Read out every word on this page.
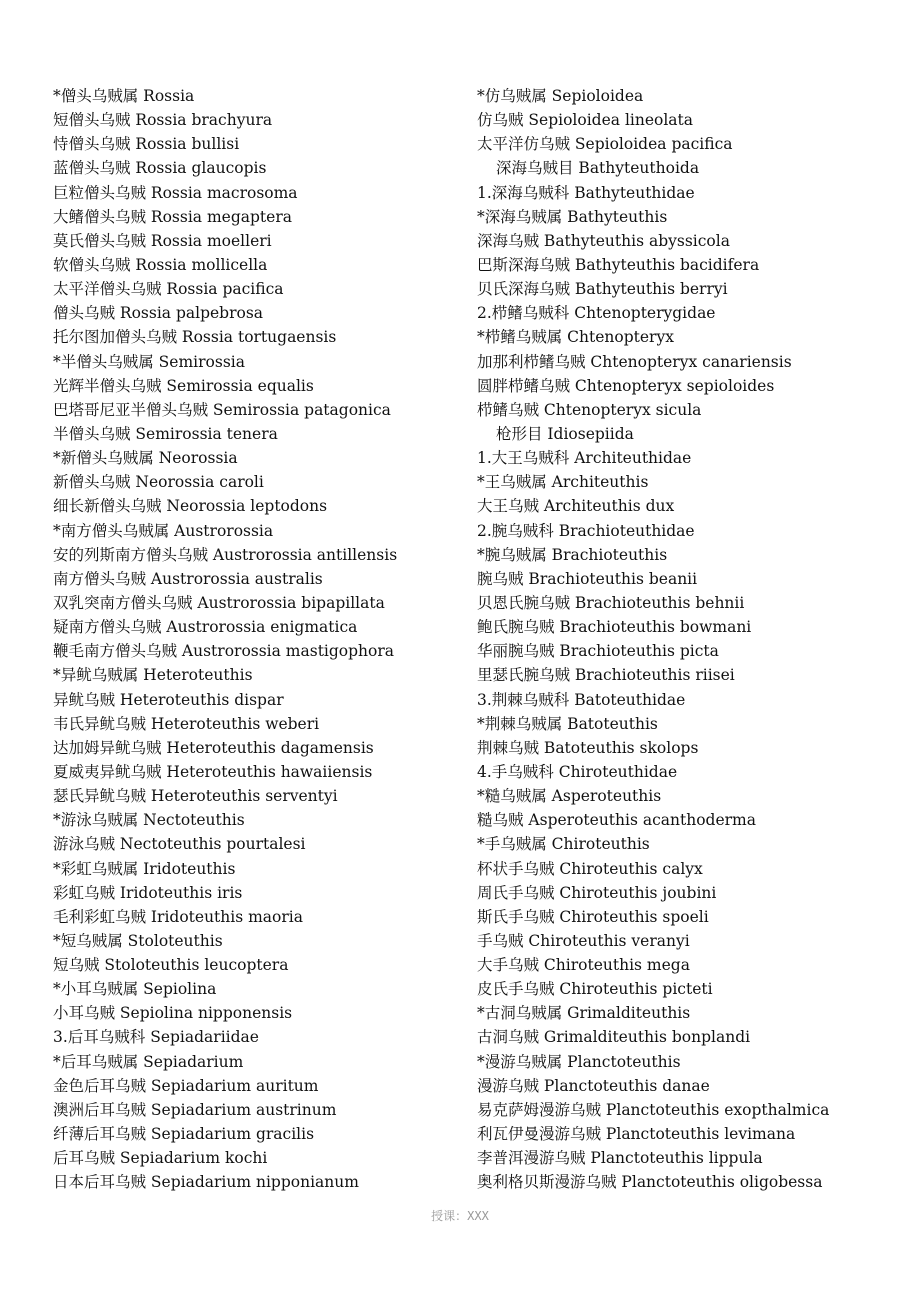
*僧头乌贼属 Rossia
短僧头乌贼 Rossia brachyura
恃僧头乌贼 Rossia bullisi
蓝僧头乌贼 Rossia glaucopis
巨粒僧头乌贼 Rossia macrosoma
大鳍僧头乌贼 Rossia megaptera
莫氏僧头乌贼 Rossia moelleri
软僧头乌贼 Rossia mollicella
太平洋僧头乌贼 Rossia pacifica
僧头乌贼 Rossia palpebrosa
托尔图加僧头乌贼 Rossia tortugaensis
*半僧头乌贼属 Semirossia
光辉半僧头乌贼 Semirossia equalis
巴塔哥尼亚半僧头乌贼 Semirossia patagonica
半僧头乌贼 Semirossia tenera
*新僧头乌贼属 Neorossia
新僧头乌贼 Neorossia caroli
细长新僧头乌贼 Neorossia leptodons
*南方僧头乌贼属 Austrorossia
安的列斯南方僧头乌贼 Austrorossia antillensis
南方僧头乌贼 Austrorossia australis
双乳突南方僧头乌贼 Austrorossia bipapillata
疑南方僧头乌贼 Austrorossia enigmatica
鞭毛南方僧头乌贼 Austrorossia mastigophora
*异鱿乌贼属 Heteroteuthis
异鱿乌贼 Heteroteuthis dispar
韦氏异鱿乌贼 Heteroteuthis weberi
达加姆异鱿乌贼 Heteroteuthis dagamensis
夏威夷异鱿乌贼 Heteroteuthis hawaiiensis
瑟氏异鱿乌贼 Heteroteuthis serventyi
*游泳乌贼属 Nectoteuthis
游泳乌贼 Nectoteuthis pourtalesi
*彩虹乌贼属 Iridoteuthis
彩虹乌贼 Iridoteuthis iris
毛利彩虹乌贼 Iridoteuthis maoria
*短乌贼属 Stoloteuthis
短乌贼 Stoloteuthis leucoptera
*小耳乌贼属 Sepiolina
小耳乌贼 Sepiolina nipponensis
3.后耳乌贼科 Sepiadariidae
*后耳乌贼属 Sepiadarium
金色后耳乌贼 Sepiadarium auritum
澳洲后耳乌贼 Sepiadarium austrinum
纤薄后耳乌贼 Sepiadarium gracilis
后耳乌贼 Sepiadarium kochi
日本后耳乌贼 Sepiadarium nipponianum
*仿乌贼属 Sepioloidea
仿乌贼 Sepioloidea lineolata
太平洋仿乌贼 Sepioloidea pacifica
深海乌贼目 Bathyteuthoida
1.深海乌贼科 Bathyteuthidae
*深海乌贼属 Bathyteuthis
深海乌贼 Bathyteuthis abyssicola
巴斯深海乌贼 Bathyteuthis bacidifera
贝氏深海乌贼 Bathyteuthis berryi
2.栉鳍乌贼科 Chtenopterygidae
*栉鳍乌贼属 Chtenopteryx
加那利栉鳍乌贼 Chtenopteryx canariensis
圆胖栉鳍乌贼 Chtenopteryx sepioloides
栉鳍乌贼 Chtenopteryx sicula
枪形目 Idiosepiida
1.大王乌贼科 Architeuthidae
*王乌贼属 Architeuthis
大王乌贼 Architeuthis dux
2.腕乌贼科 Brachioteuthidae
*腕乌贼属 Brachioteuthis
腕乌贼 Brachioteuthis beanii
贝恩氏腕乌贼 Brachioteuthis behnii
鲍氏腕乌贼 Brachioteuthis bowmani
华丽腕乌贼 Brachioteuthis picta
里瑟氏腕乌贼 Brachioteuthis riisei
3.荆棘乌贼科 Batoteuthidae
*荆棘乌贼属 Batoteuthis
荆棘乌贼 Batoteuthis skolops
4.手乌贼科 Chiroteuthidae
*糙乌贼属 Asperoteuthis
糙乌贼 Asperoteuthis acanthoderma
*手乌贼属 Chiroteuthis
杯状手乌贼 Chiroteuthis calyx
周氏手乌贼 Chiroteuthis joubini
斯氏手乌贼 Chiroteuthis spoeli
手乌贼 Chiroteuthis veranyi
大手乌贼 Chiroteuthis mega
皮氏手乌贼 Chiroteuthis picteti
*古洞乌贼属 Grimalditeuthis
古洞乌贼 Grimalditeuthis bonplandi
*漫游乌贼属 Planctoteuthis
漫游乌贼 Planctoteuthis danae
易克萨姆漫游乌贼 Planctoteuthis exopthalmica
利瓦伊曼漫游乌贼 Planctoteuthis levimana
李普洱漫游乌贼 Planctoteuthis lippula
奥利格贝斯漫游乌贼 Planctoteuthis oligobessa
授课：XXX
